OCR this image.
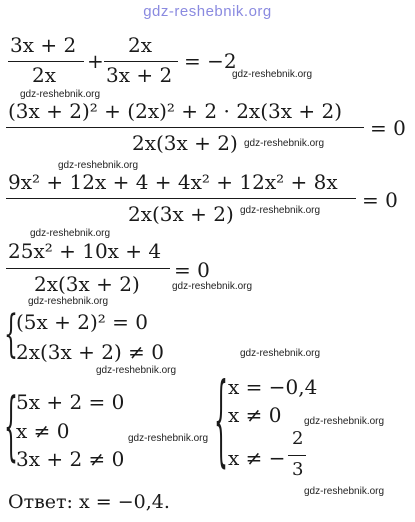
gdz-reshebnik.org
3x + 2
2x
+
2x
3x + 2
= −2
gdz-reshebnik.org
gdz-reshebnik.org
(3x + 2)² + (2x)² + 2 · 2x(3x + 2)
2x(3x + 2) gdz-reshebnik.org
= 0
gdz-reshebnik.org
9x² + 12x + 4 + 4x² + 12x² + 8x
2x(3x + 2) gdz-reshebnik.org = 0
gdz-reshebnik.org
25x² + 10x + 4
2x(3x + 2)
= 0
gdz-reshebnik.org
gdz-reshebnik.org
{
(5x + 2)² = 0
2x(3x + 2) ≠ 0	gdz-reshebnik.org
gdz-reshebnik.org
{
5x + 2 = 0
x ≠ 0
3x + 2 ≠ 0
gdz-reshebnik.org { x = −0,4
x ≠ 0 gdz-reshebnik.org
x ≠ −
2
3
Ответ: x = −0,4.	gdz-reshebnik.org
